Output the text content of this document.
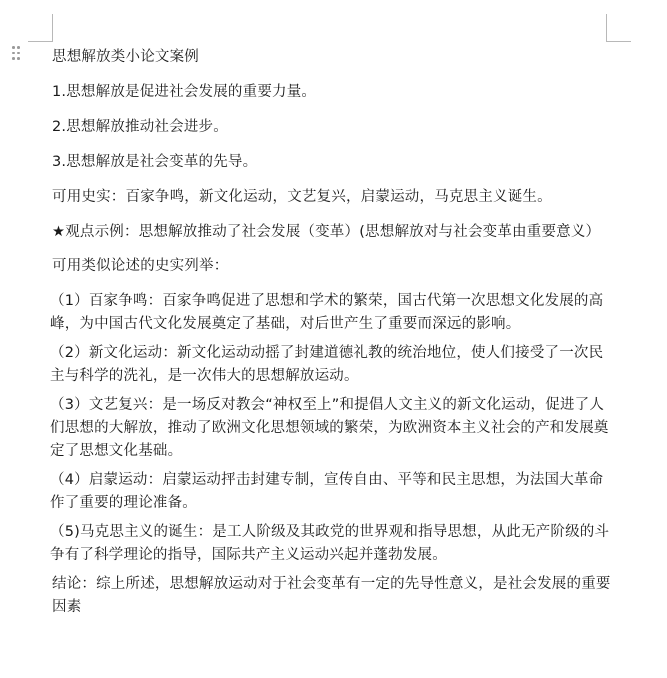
思想解放类小论文案例

1.思想解放是促进社会发展的重要力量。

2.思想解放推动社会进步。

3.思想解放是社会变革的先导。

可用史实：百家争鸣，新文化运动，文艺复兴，启蒙运动，马克思主义诞生。

★观点示例：思想解放推动了社会发展（变革）(思想解放对与社会变革由重要意义）

可用类似论述的史实列举：

（1）百家争鸣：百家争鸣促进了思想和学术的繁荣，国古代第一次思想文化发展的高峰，为中国古代文化发展奠定了基础，对后世产生了重要而深远的影响。

（2）新文化运动：新文化运动动摇了封建道德礼教的统治地位，使人们接受了一次民主与科学的洗礼，是一次伟大的思想解放运动。

（3）文艺复兴：是一场反对教会“神权至上”和提倡人文主义的新文化运动，促进了人们思想的大解放，推动了欧洲文化思想领域的繁荣，为欧洲资本主义社会的产和发展奠定了思想文化基础。

（4）启蒙运动：启蒙运动抨击封建专制，宣传自由、平等和民主思想，为法国大革命作了重要的理论准备。

（5)马克思主义的诞生：是工人阶级及其政党的世界观和指导思想，从此无产阶级的斗争有了科学理论的指导，国际共产主义运动兴起并蓬勃发展。

结论：综上所述，思想解放运动对于社会变革有一定的先导性意义，是社会发展的重要因素
